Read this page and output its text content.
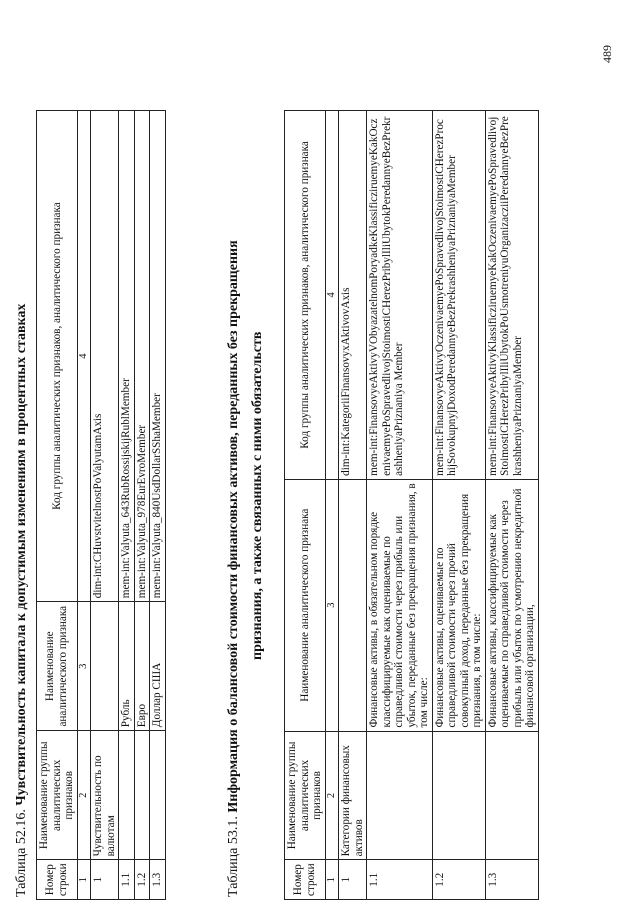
Таблица 52.16. Чувствительность капитала к допустимым изменениям в процентных ставках
Номер строки	Наименование группы аналитических признаков	Наименование аналитического признака	Код группы аналитических признаков, аналитического признака
1	2	3	4
1	Чувствительность по валютам		dim-int:CHuvstvitelnostPoValyutamAxis
1.1		Рубль	mem-int:Valyuta_643RubRossijskijRublMember
1.2		Евро	mem-int:Valyuta_978EurEvroMember
1.3		Доллар США	mem-int:Valyuta_840UsdDollarSShaMember
Таблица 53.1. Информация о балансовой стоимости финансовых активов, переданных без прекращения признания, а также связанных с ними обязательств
Номер строки	Наименование группы аналитических признаков	Наименование аналитического признака	Код группы аналитических признаков, аналитического признака
1	2	3	4
1	Категории финансовых активов		dim-int:KategoriiFinansovyxAktivovAxis
1.1		Финансовые активы, в обязательном порядке классифицируемые как оцениваемые по справедливой стоимости через прибыль или убыток, переданные без прекращения признания, в том числе:	mem-int:FinansovyeAktivyVObyazatelnomPoryadkeKlassificziruemyeKakOczenivaemyePoSpravedlivojStoimostiCHerezPribylIliUbytokPeredannyeBezPrekrashheniyaPriznaniya Member
1.2		Финансовые активы, оцениваемые по справедливой стоимости через прочий совокупный доход, переданные без прекращения признания, в том числе:	mem-int:FinansovyeAktivyOczenivaemyePoSpravedlivojStoimostiCHerezProchijSovokupnyjDoxodPeredannyeBezPrekrashheniyaPriznaniyaMember
1.3		Финансовые активы, классифицируемые как оцениваемые по справедливой стоимости через прибыль или убыток по усмотрению некредитной финансовой организации,	mem-int:FinansovyeAktivyKlassificziruemyeKakOczenivaemyePoSpravedlivojStoimostiCHerezPribylIliUbytokPoUsmotreniyuOrganizacziiPeredannyeBezPrekrashheniyaPriznaniyaMember
489
